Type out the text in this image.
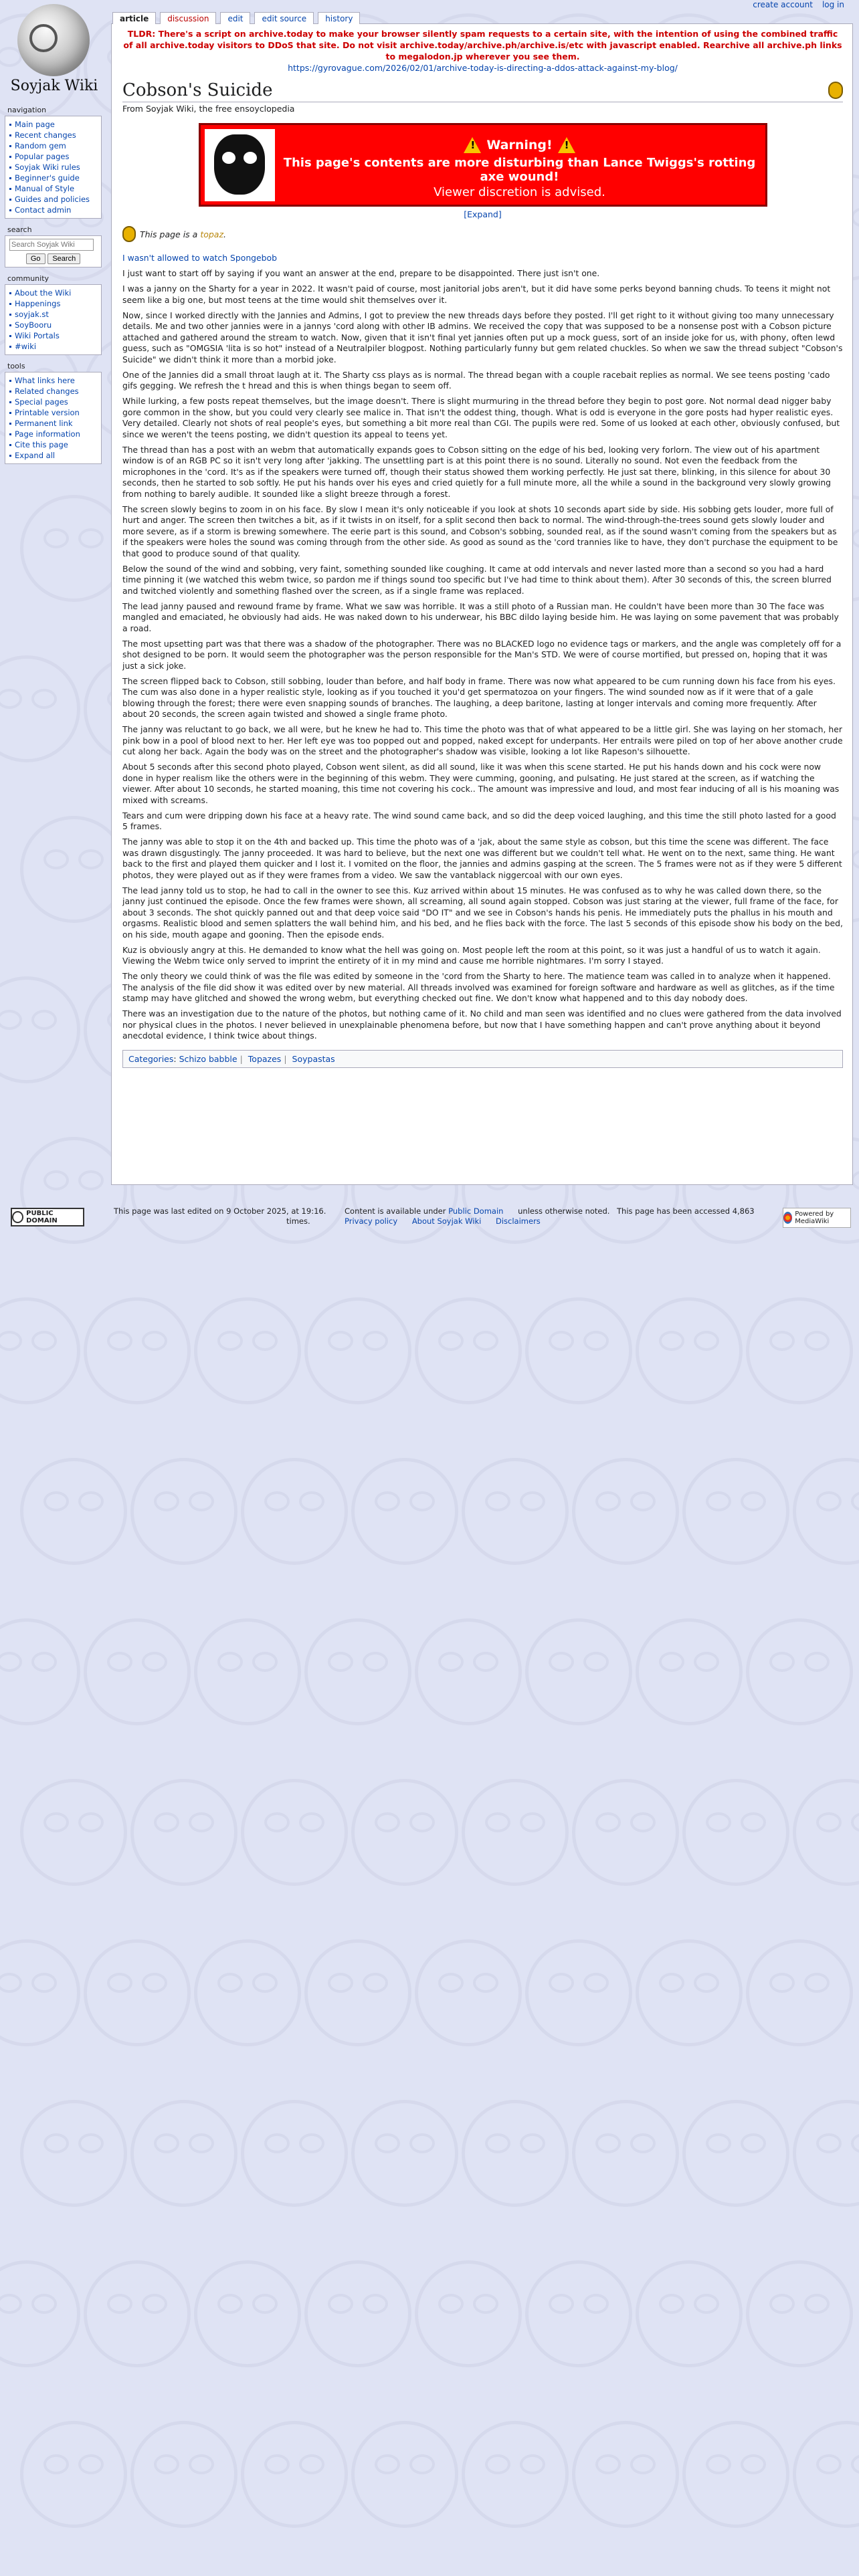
create account log in
Soyjak Wiki
article	discussion	edit	edit source	history
navigation
Main page
Recent changes
Random gem
Popular pages
Soyjak Wiki rules
Beginner's guide
Manual of Style
Guides and policies
Contact admin
search
Search Soyjak Wiki
Go Search
community
About the Wiki
Happenings
soyjak.st
SoyBooru
Wiki Portals
#wiki
tools
What links here
Related changes
Special pages
Printable version
Permanent link
Page information
Cite this page
Expand all
TLDR: There's a script on archive.today to make your browser silently spam requests to a certain site, with the intention of using the combined traffic of all archive.today visitors to DDoS that site. Do not visit archive.today/archive.ph/archive.is/etc with javascript enabled. Rearchive all archive.ph links to megalodon.jp wherever you see them.
https://gyrovague.com/2026/02/01/archive-today-is-directing-a-ddos-attack-against-my-blog/
Cobson's Suicide
From Soyjak Wiki, the free ensoyclopedia
!
Warning!
!
This page's contents are more disturbing than Lance Twiggs's rotting axe wound!
Viewer discretion is advised.
[Expand]
This page is a topaz.

I wasn't allowed to watch Spongebob

I just want to start off by saying if you want an answer at the end, prepare to be disappointed. There just isn't one.

I was a janny on the Sharty for a year in 2022. It wasn't paid of course, most janitorial jobs aren't, but it did have some perks beyond banning chuds. To teens it might not seem like a big one, but most teens at the time would shit themselves over it.

Now, since I worked directly with the Jannies and Admins, I got to preview the new threads days before they posted. I'll get right to it without giving too many unnecessary details. Me and two other jannies were in a jannys 'cord along with other IB admins. We received the copy that was supposed to be a nonsense post with a Cobson picture attached and gathered around the stream to watch. Now, given that it isn't final yet jannies often put up a mock guess, sort of an inside joke for us, with phony, often lewd guess, such as "OMGSIA 'lita is so hot" instead of a Neutralpiler blogpost. Nothing particularly funny but gem related chuckles. So when we saw the thread subject "Cobson's Suicide" we didn't think it more than a morbid joke.

One of the Jannies did a small throat laugh at it. The Sharty css plays as is normal. The thread began with a couple racebait replies as normal. We see teens posting 'cado gifs gegging. We refresh the t hread and this is when things began to seem off.

While lurking, a few posts repeat themselves, but the image doesn't. There is slight murmuring in the thread before they begin to post gore. Not normal dead nigger baby gore common in the show, but you could very clearly see malice in. That isn't the oddest thing, though. What is odd is everyone in the gore posts had hyper realistic eyes. Very detailed. Clearly not shots of real people's eyes, but something a bit more real than CGI. The pupils were red. Some of us looked at each other, obviously confused, but since we weren't the teens posting, we didn't question its appeal to teens yet.

The thread than has a post with an webm that automatically expands goes to Cobson sitting on the edge of his bed, looking very forlorn. The view out of his apartment window is of an RGB PC so it isn't very long after 'jakking. The unsettling part is at this point there is no sound. Literally no sound. Not even the feedback from the microphones in the 'cord. It's as if the speakers were turned off, though their status showed them working perfectly. He just sat there, blinking, in this silence for about 30 seconds, then he started to sob softly. He put his hands over his eyes and cried quietly for a full minute more, all the while a sound in the background very slowly growing from nothing to barely audible. It sounded like a slight breeze through a forest.

The screen slowly begins to zoom in on his face. By slow I mean it's only noticeable if you look at shots 10 seconds apart side by side. His sobbing gets louder, more full of hurt and anger. The screen then twitches a bit, as if it twists in on itself, for a split second then back to normal. The wind-through-the-trees sound gets slowly louder and more severe, as if a storm is brewing somewhere. The eerie part is this sound, and Cobson's sobbing, sounded real, as if the sound wasn't coming from the speakers but as if the speakers were holes the sound was coming through from the other side. As good as sound as the 'cord trannies like to have, they don't purchase the equipment to be that good to produce sound of that quality.

Below the sound of the wind and sobbing, very faint, something sounded like coughing. It came at odd intervals and never lasted more than a second so you had a hard time pinning it (we watched this webm twice, so pardon me if things sound too specific but I've had time to think about them). After 30 seconds of this, the screen blurred and twitched violently and something flashed over the screen, as if a single frame was replaced.

The lead janny paused and rewound frame by frame. What we saw was horrible. It was a still photo of a Russian man. He couldn't have been more than 30 The face was mangled and emaciated, he obviously had aids. He was naked down to his underwear, his BBC dildo laying beside him. He was laying on some pavement that was probably a road.

The most upsetting part was that there was a shadow of the photographer. There was no BLACKED logo no evidence tags or markers, and the angle was completely off for a shot designed to be porn. It would seem the photographer was the person responsible for the Man's STD. We were of course mortified, but pressed on, hoping that it was just a sick joke.

The screen flipped back to Cobson, still sobbing, louder than before, and half body in frame. There was now what appeared to be cum running down his face from his eyes. The cum was also done in a hyper realistic style, looking as if you touched it you'd get spermatozoa on your fingers. The wind sounded now as if it were that of a gale blowing through the forest; there were even snapping sounds of branches. The laughing, a deep baritone, lasting at longer intervals and coming more frequently. After about 20 seconds, the screen again twisted and showed a single frame photo.

The janny was reluctant to go back, we all were, but he knew he had to. This time the photo was that of what appeared to be a little girl. She was laying on her stomach, her pink bow in a pool of blood next to her. Her left eye was too popped out and popped, naked except for underpants. Her entrails were piled on top of her above another crude cut along her back. Again the body was on the street and the photographer's shadow was visible, looking a lot like Rapeson's silhouette.

About 5 seconds after this second photo played, Cobson went silent, as did all sound, like it was when this scene started. He put his hands down and his cock were now done in hyper realism like the others were in the beginning of this webm. They were cumming, gooning, and pulsating. He just stared at the screen, as if watching the viewer. After about 10 seconds, he started moaning, this time not covering his cock.. The amount was impressive and loud, and most fear inducing of all is his moaning was mixed with screams.

Tears and cum were dripping down his face at a heavy rate. The wind sound came back, and so did the deep voiced laughing, and this time the still photo lasted for a good 5 frames.

The janny was able to stop it on the 4th and backed up. This time the photo was of a 'jak, about the same style as cobson, but this time the scene was different. The face was drawn disgustingly. The janny proceeded. It was hard to believe, but the next one was different but we couldn't tell what. He went on to the next, same thing. He want back to the first and played them quicker and I lost it. I vomited on the floor, the jannies and admins gasping at the screen. The 5 frames were not as if they were 5 different photos, they were played out as if they were frames from a video. We saw the vantablack niggercoal with our own eyes.

The lead janny told us to stop, he had to call in the owner to see this. Kuz arrived within about 15 minutes. He was confused as to why he was called down there, so the janny just continued the episode. Once the few frames were shown, all screaming, all sound again stopped. Cobson was just staring at the viewer, full frame of the face, for about 3 seconds. The shot quickly panned out and that deep voice said "DO IT" and we see in Cobson's hands his penis. He immediately puts the phallus in his mouth and orgasms. Realistic blood and semen splatters the wall behind him, and his bed, and he flies back with the force. The last 5 seconds of this episode show his body on the bed, on his side, mouth agape and gooning. Then the episode ends.

Kuz is obviously angry at this. He demanded to know what the hell was going on. Most people left the room at this point, so it was just a handful of us to watch it again. Viewing the Webm twice only served to imprint the entirety of it in my mind and cause me horrible nightmares. I'm sorry I stayed.

The only theory we could think of was the file was edited by someone in the 'cord from the Sharty to here. The matience team was called in to analyze when it happened. The analysis of the file did show it was edited over by new material. All threads involved was examined for foreign software and hardware as well as glitches, as if the time stamp may have glitched and showed the wrong webm, but everything checked out fine. We don't know what happened and to this day nobody does.

There was an investigation due to the nature of the photos, but nothing came of it. No child and man seen was identified and no clues were gathered from the data involved nor physical clues in the photos. I never believed in unexplainable phenomena before, but now that I have something happen and can't prove anything about it beyond anecdotal evidence, I think twice about things.

Categories: Schizo babble | Topazes | Soypastas
PUBLIC DOMAIN
This page was last edited on 9 October 2025, at 19:16.
times.
Content is available under Public Domain unless otherwise noted.
Privacy policy About Soyjak Wiki Disclaimers
This page has been accessed 4,863	Powered by MediaWiki
